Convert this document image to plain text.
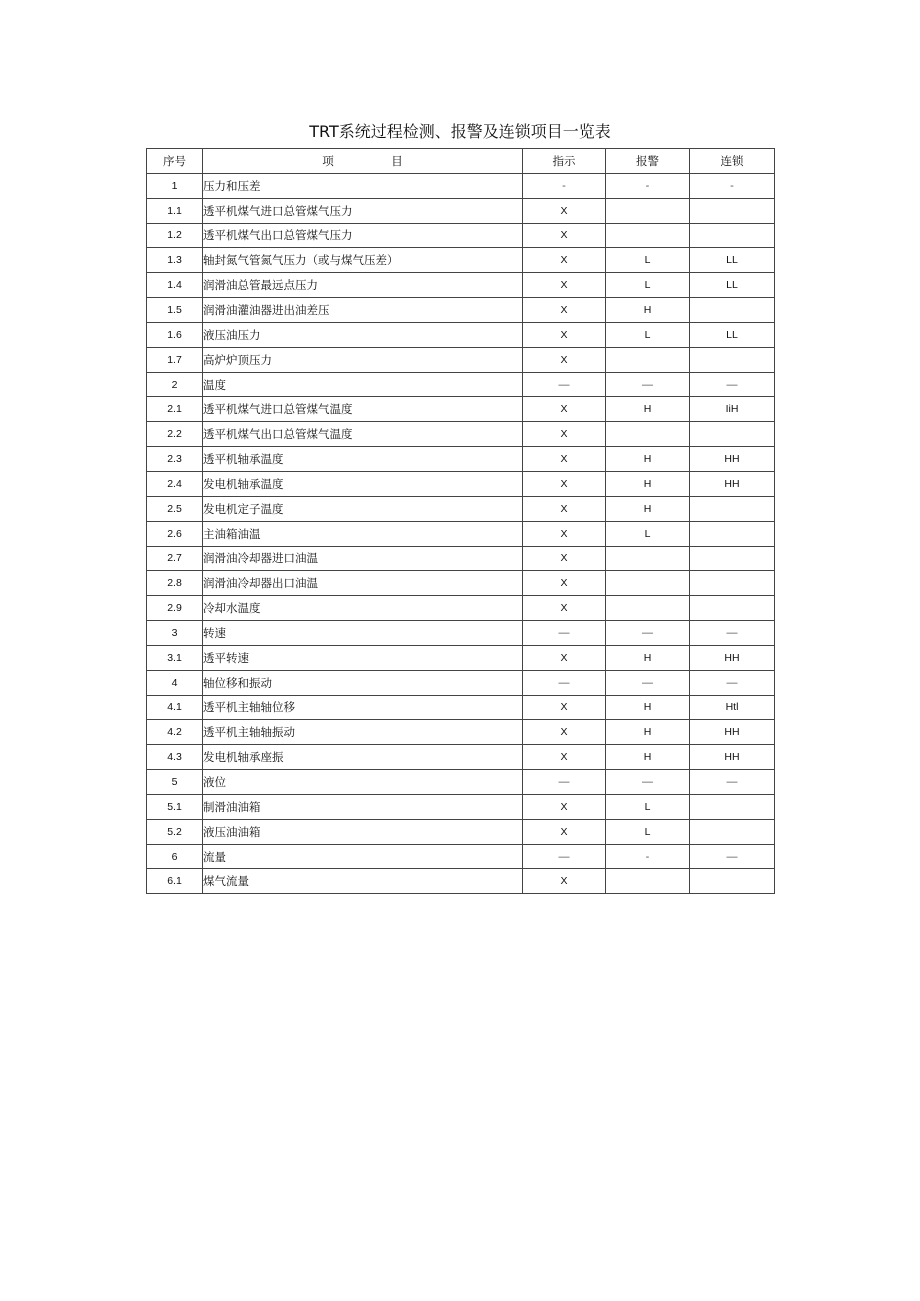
TRT系统过程检测、报警及连锁项目一览表
序号	项　　　　　目	指示	报警	连锁
1	压力和压差	-	-	-
1.1	透平机煤气进口总管煤气压力	X		
1.2	透平机煤气出口总管煤气压力	X		
1.3	轴封氮气管氮气压力（或与煤气压差）	X	L	LL
1.4	润滑油总管最远点压力	X	L	LL
1.5	润滑油灌油器进出油差压	X	H	
1.6	液压油压力	X	L	LL
1.7	高炉炉顶压力	X		
2	温度	—	—	—
2.1	透平机煤气进口总管煤气温度	X	H	IiH
2.2	透平机煤气出口总管煤气温度	X		
2.3	透平机轴承温度	X	H	HH
2.4	发电机轴承温度	X	H	HH
2.5	发电机定子温度	X	H	
2.6	主油箱油温	X	L	
2.7	润滑油冷却器进口油温	X		
2.8	润滑油冷却器出口油温	X		
2.9	冷却水温度	X		
3	转速	—	—	—
3.1	透平转速	X	H	HH
4	轴位移和振动	—	—	—
4.1	透平机主轴轴位移	X	H	Htl
4.2	透平机主轴轴振动	X	H	HH
4.3	发电机轴承座振	X	H	HH
5	液位	—	—	—
5.1	制滑油油箱	X	L	
5.2	液压油油箱	X	L	
6	流量	—	-	—
6.1	煤气流量	X		
